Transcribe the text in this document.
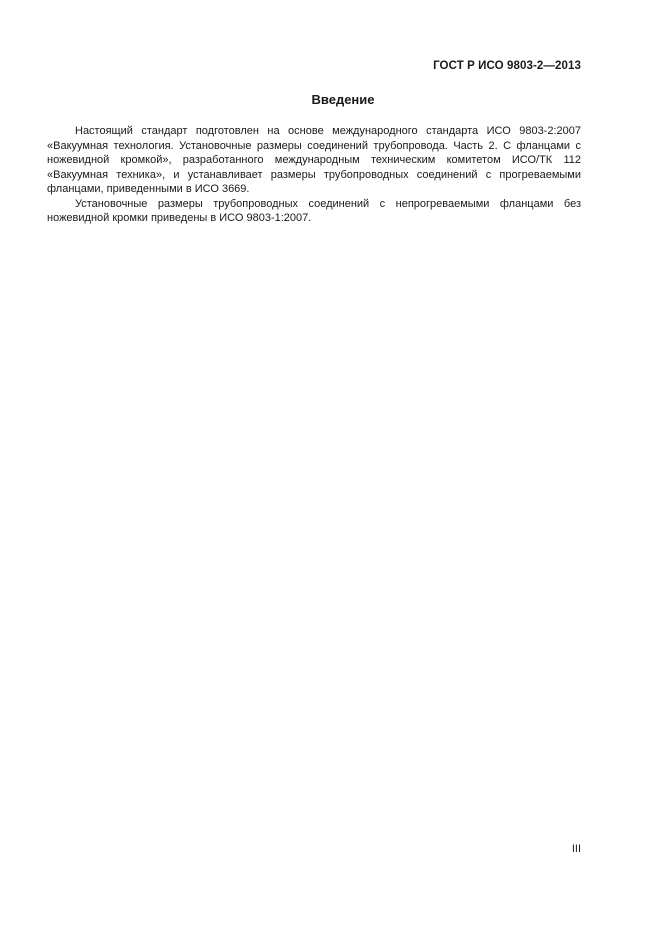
ГОСТ Р ИСО 9803-2—2013
Введение

Настоящий стандарт подготовлен на основе международного стандарта ИСО 9803-2:2007 «Вакуумная технология. Установочные размеры соединений трубопровода. Часть 2. С фланцами с ножевидной кромкой», разработанного международным техническим комитетом ИСО/ТК 112 «Вакуумная техника», и устанавливает размеры трубопроводных соединений с прогреваемыми фланцами, приведенными в ИСО 3669.

Установочные размеры трубопроводных соединений с непрогреваемыми фланцами без ножевидной кромки приведены в ИСО 9803-1:2007.

III
